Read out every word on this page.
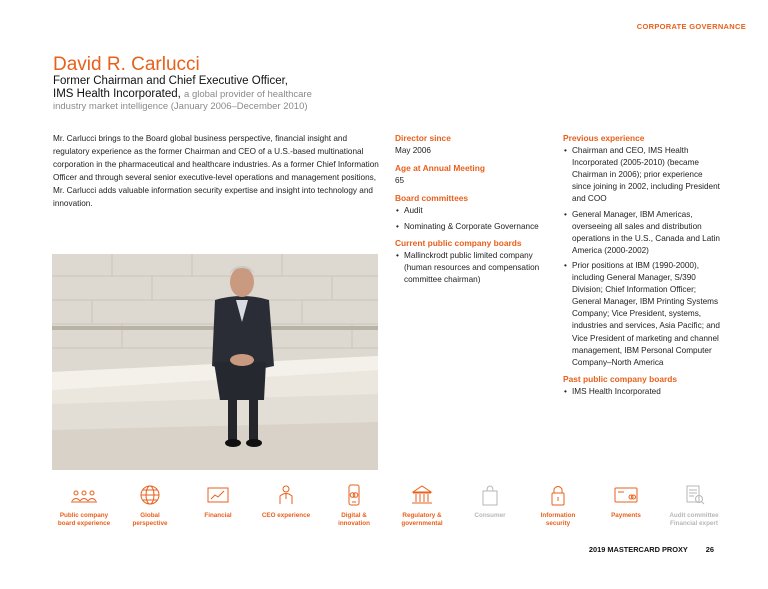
CORPORATE GOVERNANCE
David R. Carlucci
Former Chairman and Chief Executive Officer,
IMS Health Incorporated, a global provider of healthcare
industry market intelligence (January 2006–December 2010)

Mr. Carlucci brings to the Board global business perspective, financial insight and regulatory experience as the former Chairman and CEO of a U.S.-based multinational corporation in the pharmaceutical and healthcare industries. As a former Chief Information Officer and through several senior executive-level operations and management positions, Mr. Carlucci adds valuable information security expertise and insight into technology and innovation.

Director since
May 2006
Age at Annual Meeting
65
Board committees
• Audit
• Nominating & Corporate Governance
Current public company boards
• Mallinckrodt public limited company (human resources and compensation committee chairman)
Previous experience
• Chairman and CEO, IMS Health Incorporated (2005-2010) (became Chairman in 2006); prior experience since joining in 2002, including President and COO
• General Manager, IBM Americas, overseeing all sales and distribution operations in the U.S., Canada and Latin America (2000-2002)
• Prior positions at IBM (1990-2000), including General Manager, S/390 Division; Chief Information Officer; General Manager, IBM Printing Systems Company; Vice President, systems, industries and services, Asia Pacific; and Vice President of marketing and channel management, IBM Personal Computer Company–North America
Past public company boards
• IMS Health Incorporated
Public company
board experience
Global
perspective
Financial	CEO experience	Digital &
innovation
Regulatory &
governmental
Consumer	Information
security
Payments	Audit committee
Financial expert
2019 MASTERCARD PROXY 26
